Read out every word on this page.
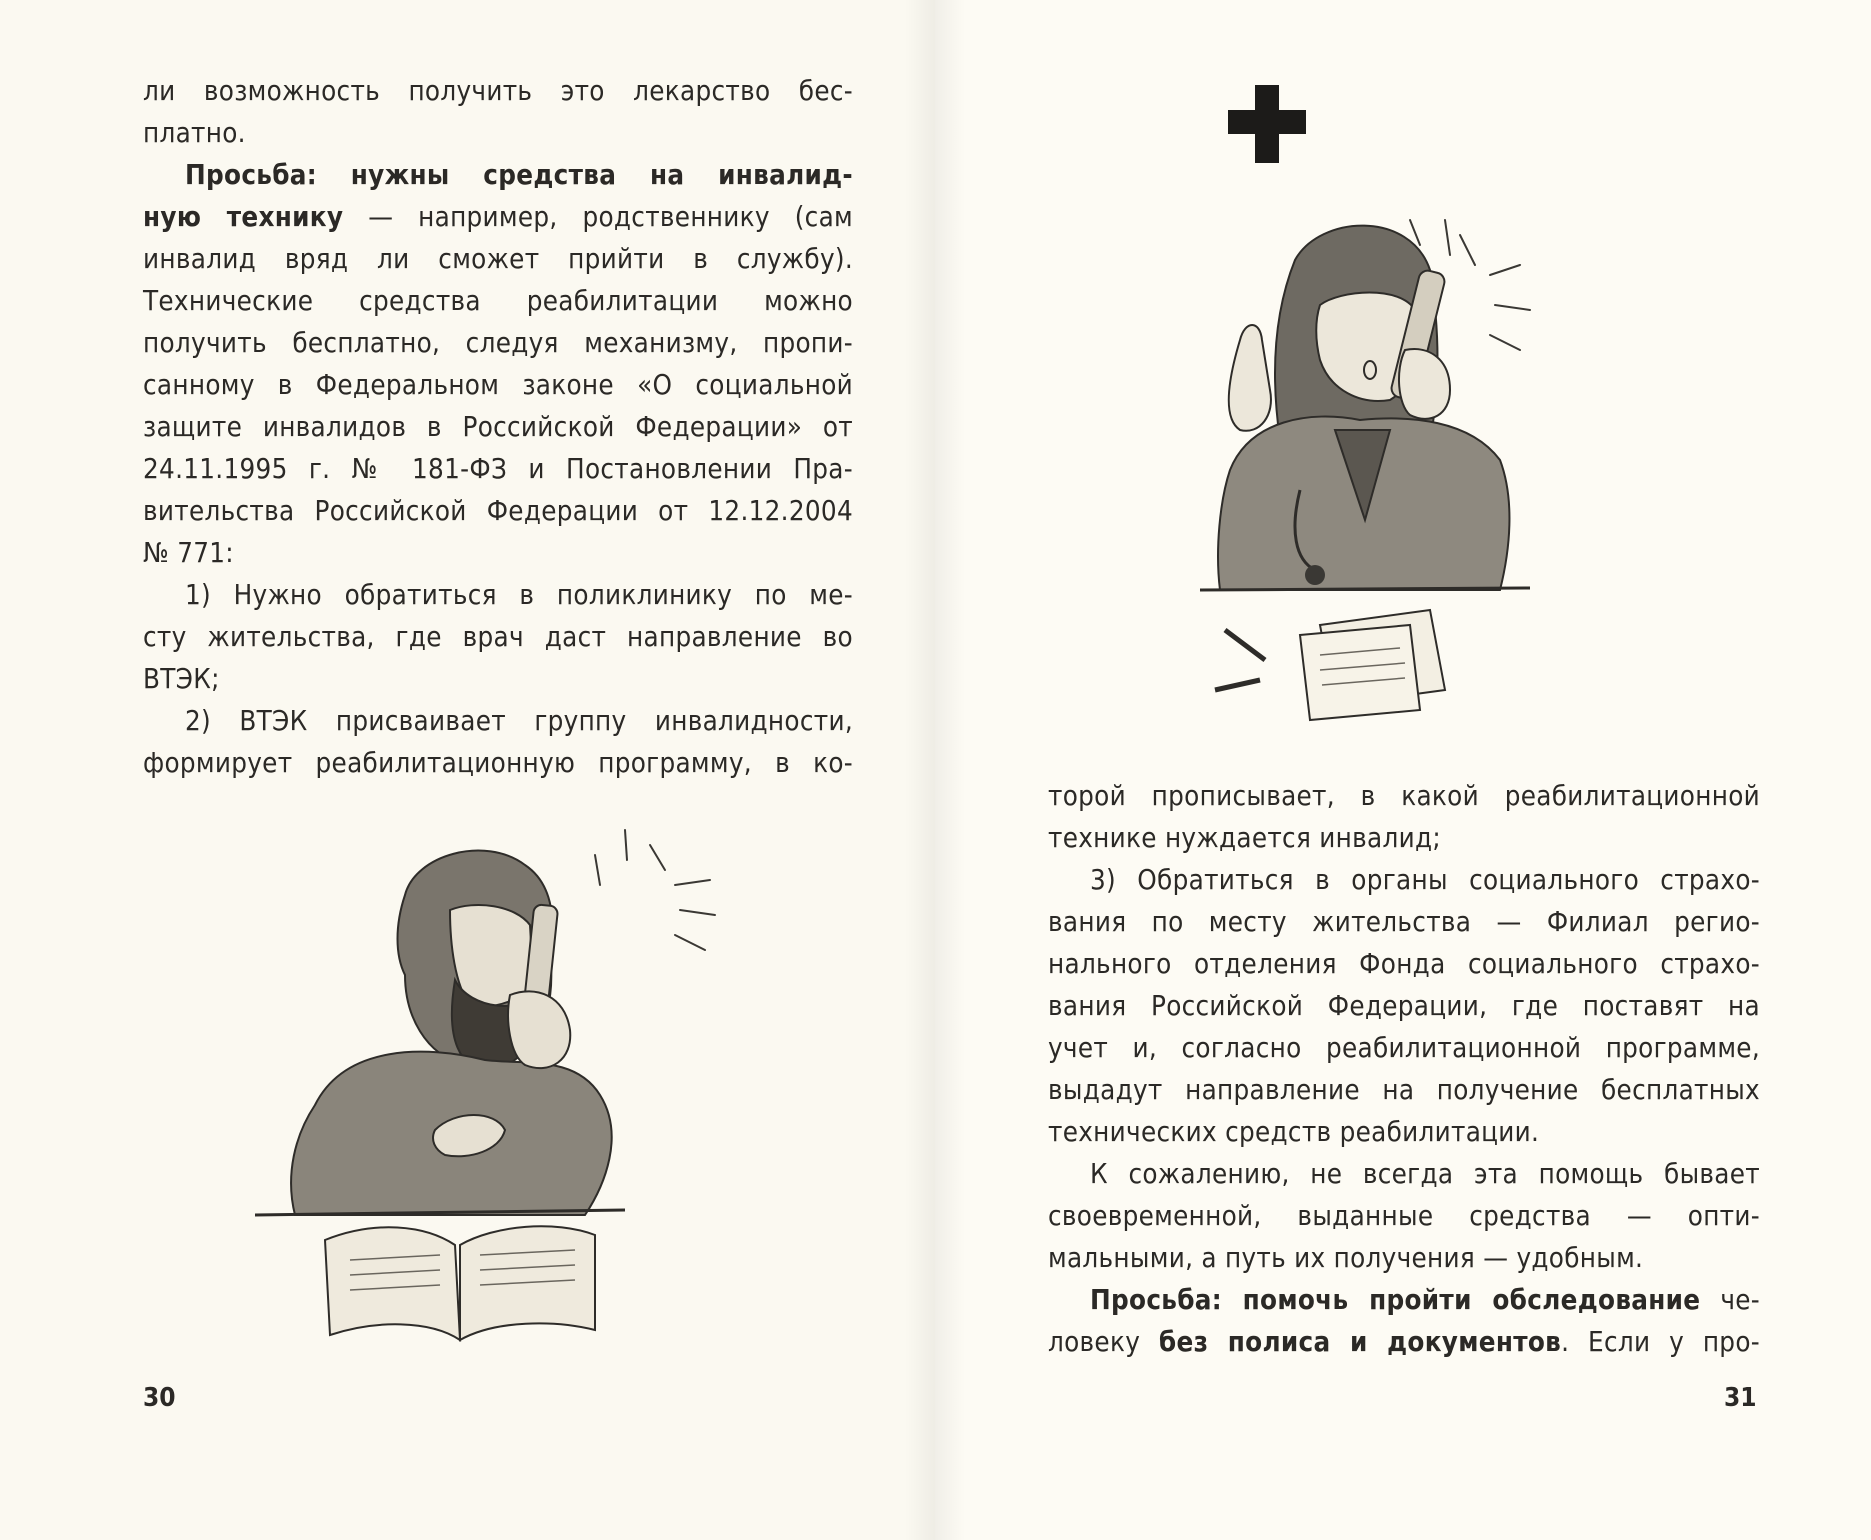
ли возможность получить это лекарство бес-

платно.

Просьба: нужны средства на инвалид-

ную технику — например, родственнику (сам

инвалид вряд ли сможет прийти в службу).

Технические средства реабилитации можно

получить бесплатно, следуя механизму, пропи-

санному в Федеральном законе «О социальной

защите инвалидов в Российской Федерации» от

24.11.1995 г. № 181-ФЗ и Постановлении Пра-

вительства Российской Федерации от 12.12.2004

№ 771:

1) Нужно обратиться в поликлинику по ме-

сту жительства, где врач даст направление во

ВТЭК;

2) ВТЭК присваивает группу инвалидности,

формирует реабилитационную программу, в ко-

30

торой прописывает, в какой реабилитационной

технике нуждается инвалид;

3) Обратиться в органы социального страхо-

вания по месту жительства — Филиал регио-

нального отделения Фонда социального страхо-

вания Российской Федерации, где поставят на

учет и, согласно реабилитационной программе,

выдадут направление на получение бесплатных

технических средств реабилитации.

К сожалению, не всегда эта помощь бывает

своевременной, выданные средства — опти-

мальными, а путь их получения — удобным.

Просьба: помочь пройти обследование че-

ловеку без полиса и документов. Если у про-

31
